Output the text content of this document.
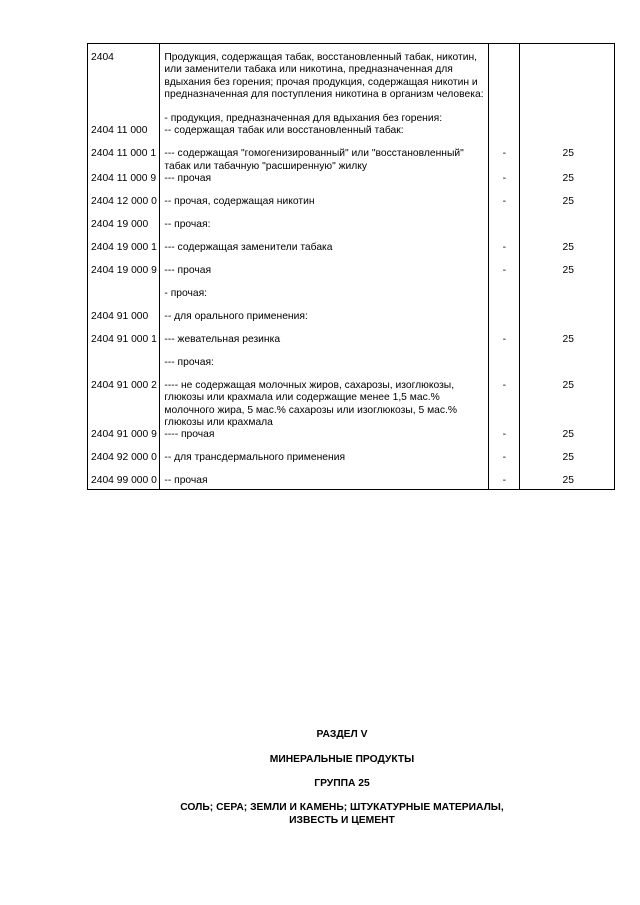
2404	Продукция, содержащая табак, восстановленный табак, никотин, или заменители табака или никотина, предназначенная для вдыхания без горения; прочая продукция, содержащая никотин и предназначенная для поступления никотина в организм человека:
- продукция, предназначенная для вдыхания без горения:		

2404 11 000	-- содержащая табак или восстановленный табак:		
2404 11 000 1	--- содержащая "гомогенизированный" или "восстановленный" табак или табачную "расширенную" жилку	-	25
2404 11 000 9	--- прочая	-	25
2404 12 000 0	-- прочая, содержащая никотин	-	25
2404 19 000	-- прочая:		
2404 19 000 1	--- содержащая заменители табака	-	25
2404 19 000 9	--- прочая	-	25
	- прочая:		
2404 91 000	-- для орального применения:		
2404 91 000 1	--- жевательная резинка	-	25
	--- прочая:		
2404 91 000 2	---- не содержащая молочных жиров, сахарозы, изоглюкозы, глюкозы или крахмала или содержащие менее 1,5 мас.% молочного жира, 5 мас.% сахарозы или изоглюкозы, 5 мас.% глюкозы или крахмала	-	25
2404 91 000 9	---- прочая	-	25
2404 92 000 0	-- для трансдермального применения	-	25
2404 99 000 0	-- прочая	-	25
РАЗДЕЛ V
МИНЕРАЛЬНЫЕ ПРОДУКТЫ
ГРУППА 25
СОЛЬ; СЕРА; ЗЕМЛИ И КАМЕНЬ; ШТУКАТУРНЫЕ МАТЕРИАЛЫ,
ИЗВЕСТЬ И ЦЕМЕНТ
